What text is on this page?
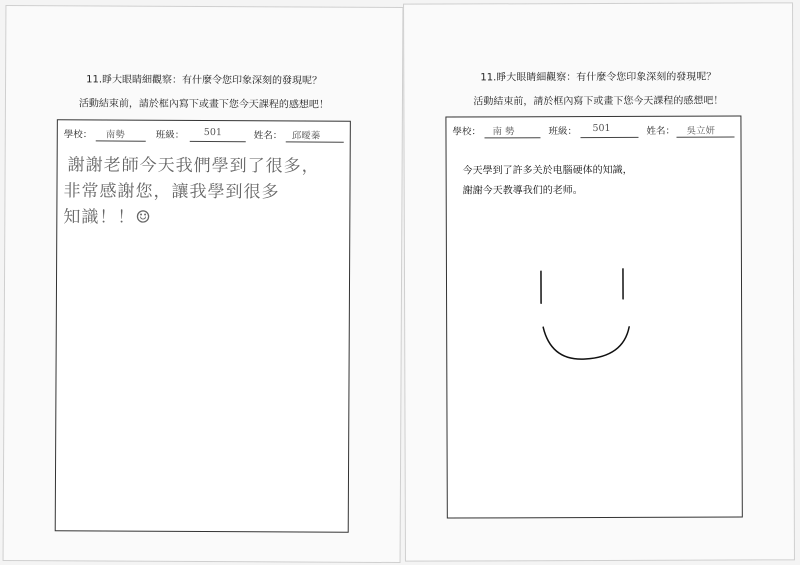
11.睜大眼睛細觀察：有什麼令您印象深刻的發現呢？
活動結束前，請於框內寫下或畫下您今天課程的感想吧！
學校： 南勢	班級： 501	姓名： 邱曖蓁
謝謝老師今天我們學到了很多，
非常感謝您，讓我學到很多
知識！！☺
11.睜大眼睛細觀察：有什麼令您印象深刻的發現呢？
活動結束前，請於框內寫下或畫下您今天課程的感想吧！
學校： 南 勢	班級： 501	姓名： 吳立妍
今天學到了許多关於电腦硬体的知識，
謝謝今天教導我们的老师。
